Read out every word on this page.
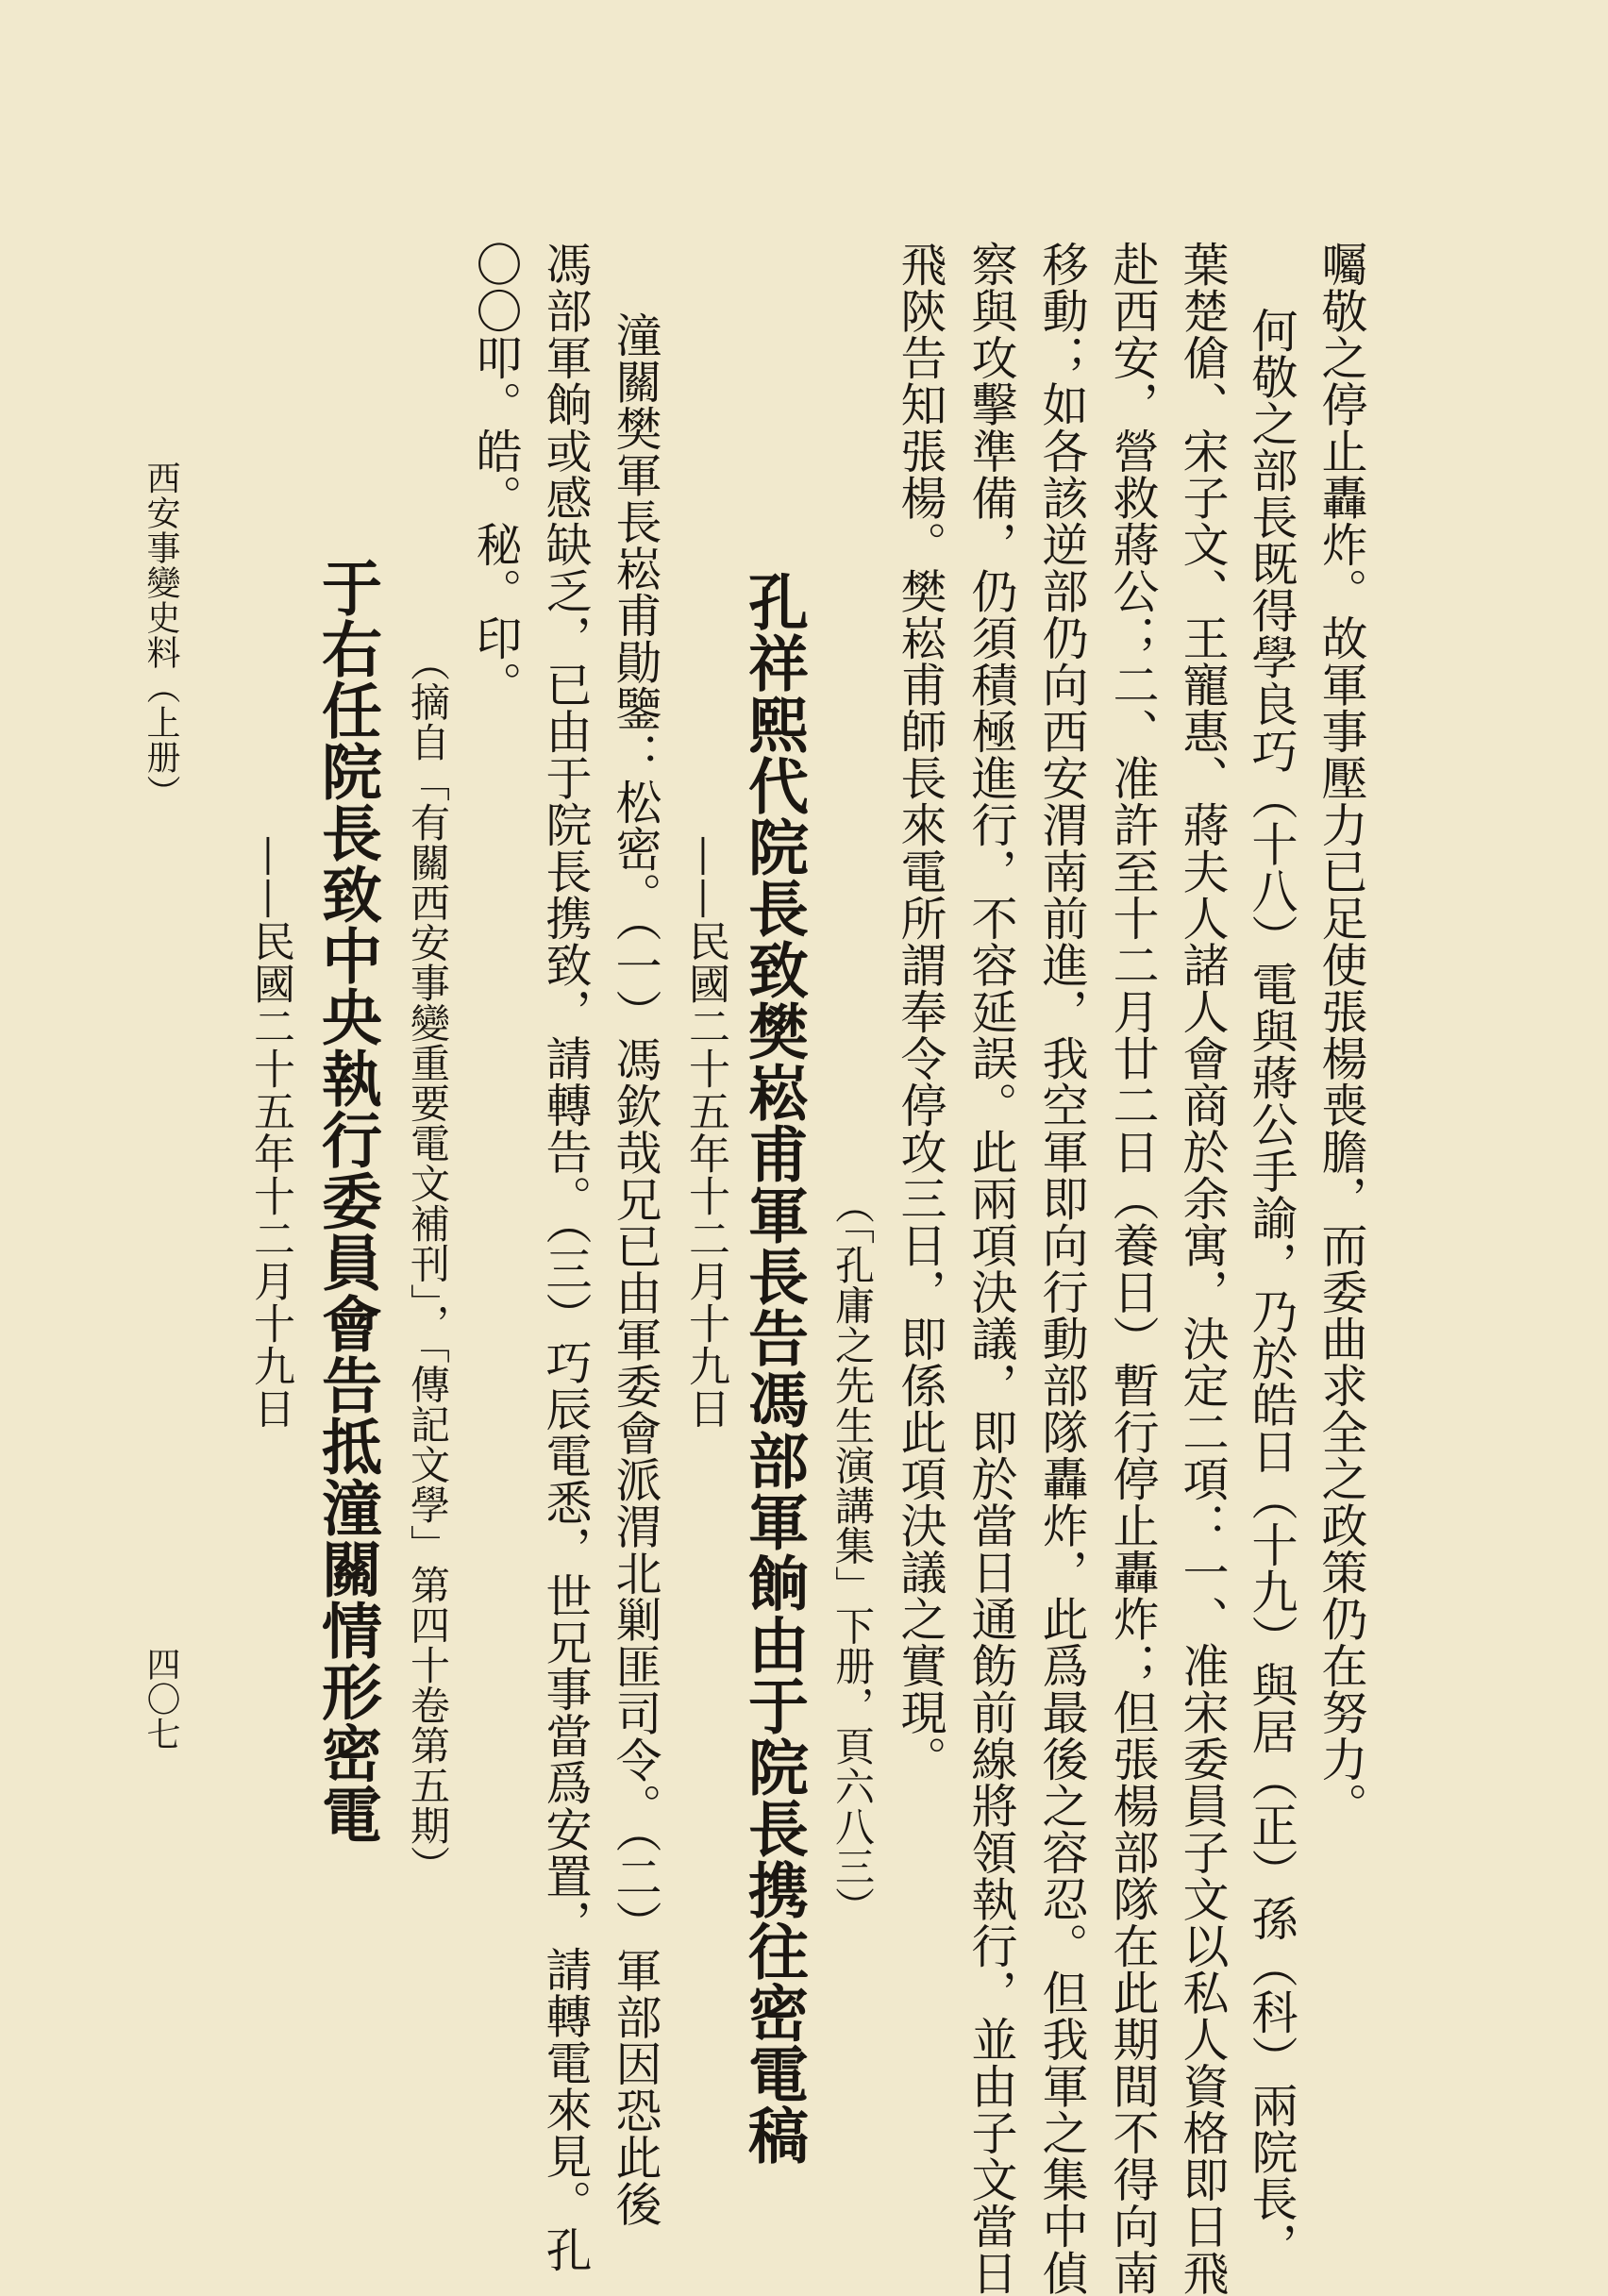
囑敬之停止轟炸。故軍事壓力已足使張楊喪膽，而委曲求全之政策仍在努力。

何敬之部長既得學良巧（十八）電與蔣公手諭，乃於皓日（十九）與居（正）孫（科）兩院長，

葉楚傖、宋子文、王寵惠、蔣夫人諸人會商於余寓，決定二項：一、准宋委員子文以私人資格即日飛

赴西安，營救蔣公；二、准許至十二月廿二日（養日）暫行停止轟炸；但張楊部隊在此期間不得向南

移動；如各該逆部仍向西安渭南前進，我空軍即向行動部隊轟炸，此爲最後之容忍。但我軍之集中偵

察與攻擊準備，仍須積極進行，不容延誤。此兩項決議，即於當日通飭前線將領執行，並由子文當日

飛陝告知張楊。樊崧甫師長來電所謂奉令停攻三日，即係此項決議之實現。

（「孔庸之先生演講集」下册，頁六八三）

孔祥熙代院長致樊崧甫軍長告馮部軍餉由于院長携往密電稿

——民國二十五年十二月十九日

潼關樊軍長崧甫勛鑒：松密。（一）馮欽哉兄已由軍委會派渭北剿匪司令。（二）軍部因恐此後

馮部軍餉或感缺乏，已由于院長携致，請轉告。（三）巧辰電悉，世兄事當爲安置，請轉電來見。孔

〇〇叩。皓。秘。印。

（摘自「有關西安事變重要電文補刊」，「傳記文學」第四十卷第五期）

于右任院長致中央執行委員會告抵潼關情形密電

——民國二十五年十二月十九日

西安事變史料（上册）

四〇七
